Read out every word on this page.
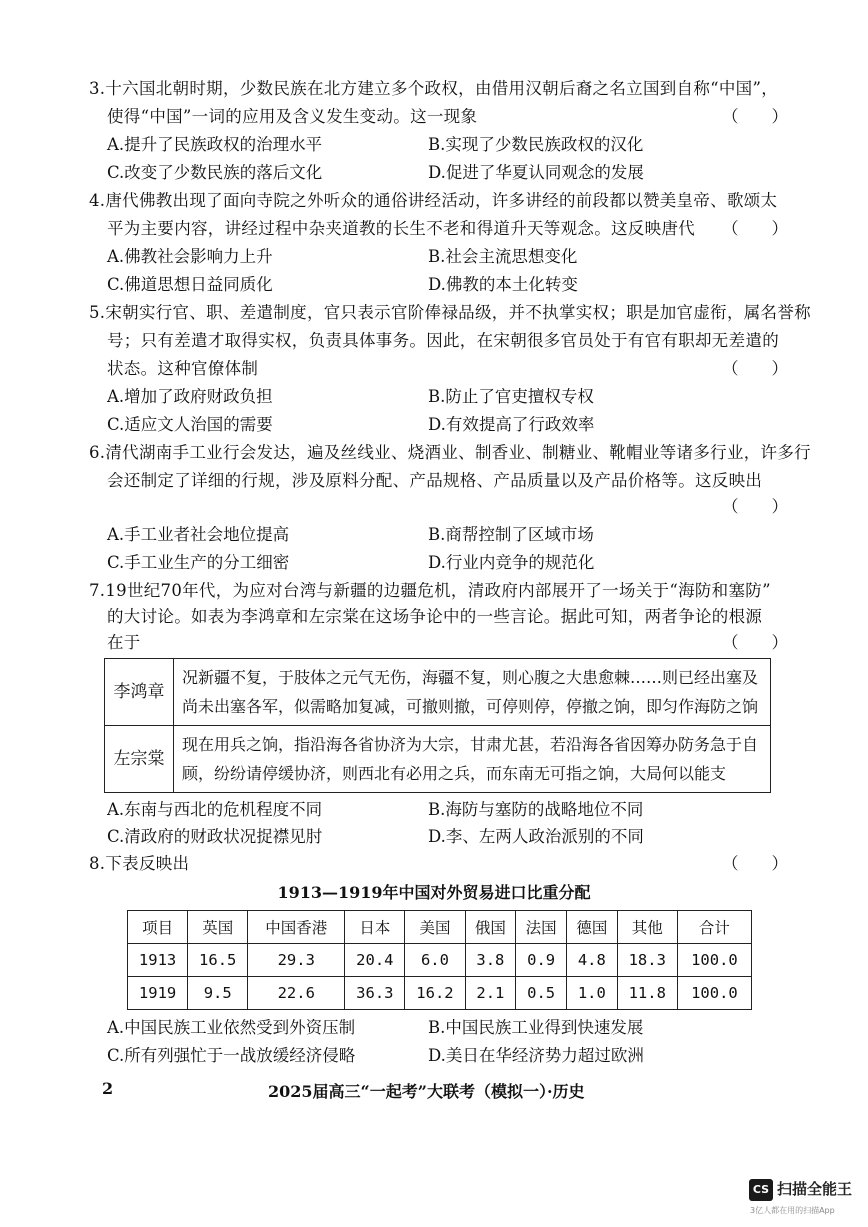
3.十六国北朝时期，少数民族在北方建立多个政权，由借用汉朝后裔之名立国到自称“中国”，
使得“中国”一词的应用及含义发生变动。这一现象	（　　）
A.提升了民族政权的治理水平	B.实现了少数民族政权的汉化
C.改变了少数民族的落后文化	D.促进了华夏认同观念的发展
4.唐代佛教出现了面向寺院之外听众的通俗讲经活动，许多讲经的前段都以赞美皇帝、歌颂太
平为主要内容，讲经过程中杂夹道教的长生不老和得道升天等观念。这反映唐代 （　　）
A.佛教社会影响力上升	B.社会主流思想变化
C.佛道思想日益同质化	D.佛教的本土化转变
5.宋朝实行官、职、差遣制度，官只表示官阶俸禄品级，并不执掌实权；职是加官虚衔，属名誉称
号；只有差遣才取得实权，负责具体事务。因此，在宋朝很多官员处于有官有职却无差遣的
状态。这种官僚体制	（　　）
A.增加了政府财政负担	B.防止了官吏擅权专权
C.适应文人治国的需要	D.有效提高了行政效率
6.清代湖南手工业行会发达，遍及丝线业、烧酒业、制香业、制糖业、靴帽业等诸多行业，许多行
会还制定了详细的行规，涉及原料分配、产品规格、产品质量以及产品价格等。这反映出
（　　）
A.手工业者社会地位提高	B.商帮控制了区域市场
C.手工业生产的分工细密	D.行业内竞争的规范化
7.19世纪70年代，为应对台湾与新疆的边疆危机，清政府内部展开了一场关于“海防和塞防”
的大讨论。如表为李鸿章和左宗棠在这场争论中的一些言论。据此可知，两者争论的根源
在于	（　　）
李鸿章	况新疆不复，于肢体之元气无伤，海疆不复，则心腹之大患愈棘……则已经出塞及尚未出塞各军，似需略加复减，可撤则撤，可停则停，停撤之饷，即匀作海防之饷
左宗棠	现在用兵之饷，指沿海各省协济为大宗，甘肃尤甚，若沿海各省因筹办防务急于自顾，纷纷请停缓协济，则西北有必用之兵，而东南无可指之饷，大局何以能支
A.东南与西北的危机程度不同	B.海防与塞防的战略地位不同
C.清政府的财政状况捉襟见肘	D.李、左两人政治派别的不同
8.下表反映出	（　　）
1913—1919年中国对外贸易进口比重分配
项目	英国	中国香港	日本	美国	俄国	法国	德国	其他	合计
1913	16.5	29.3	20.4	6.0	3.8	0.9	4.8	18.3	100.0
1919	9.5	22.6	36.3	16.2	2.1	0.5	1.0	11.8	100.0
A.中国民族工业依然受到外资压制	B.中国民族工业得到快速发展
C.所有列强忙于一战放缓经济侵略	D.美日在华经济势力超过欧洲
2	2025届高三“一起考”大联考（模拟一）·历史
CS 扫描全能王
3亿人都在用的扫描App
